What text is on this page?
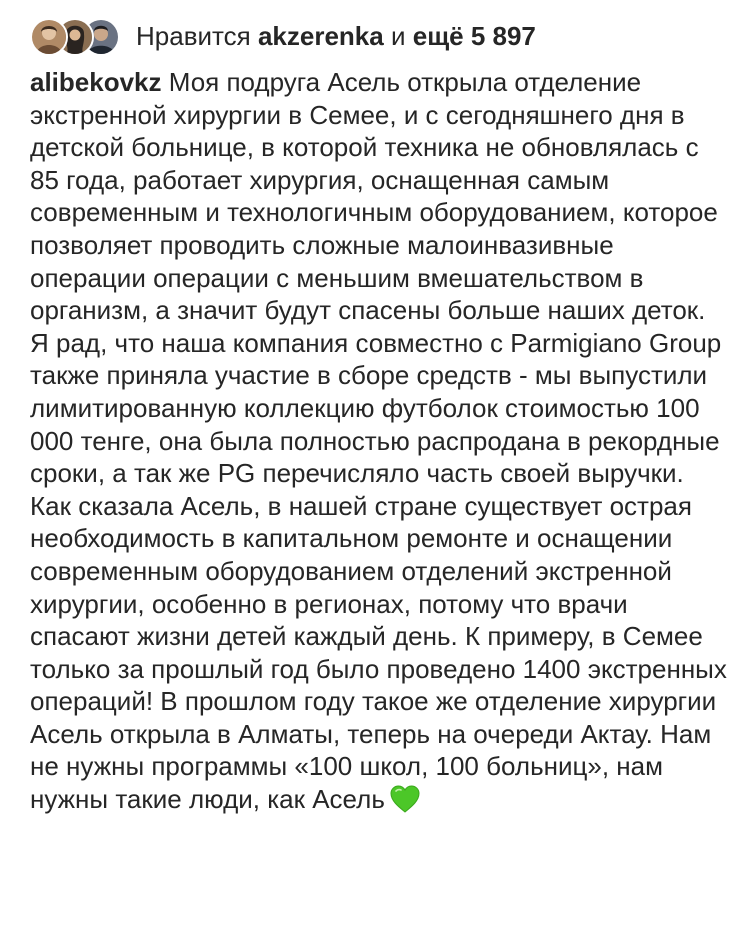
Нравится akzerenka и ещё 5 897
alibekovkz Моя подруга Асель открыла отделение экстренной хирургии в Семее, и с сегодняшнего дня в детской больнице, в которой техника не обновлялась с 85 года, работает хирургия, оснащенная самым современным и технологичным оборудованием, которое позволяет проводить сложные малоинвазивные операции операции с меньшим вмешательством в организм, а значит будут спасены больше наших деток. Я рад, что наша компания совместно с Parmigiano Group также приняла участие в сборе средств - мы выпустили лимитированную коллекцию футболок стоимостью 100 000 тенге, она была полностью распродана в рекордные сроки, а так же PG перечисляло часть своей выручки. Как сказала Асель, в нашей стране существует острая необходимость в капитальном ремонте и оснащении современным оборудованием отделений экстренной хирургии, особенно в регионах, потому что врачи спасают жизни детей каждый день. К примеру, в Семее только за прошлый год было проведено 1400 экстренных операций! В прошлом году такое же отделение хирургии Асель открыла в Алматы, теперь на очереди Актау. Нам не нужны программы «100 школ, 100 больниц», нам нужны такие люди, как Асель
